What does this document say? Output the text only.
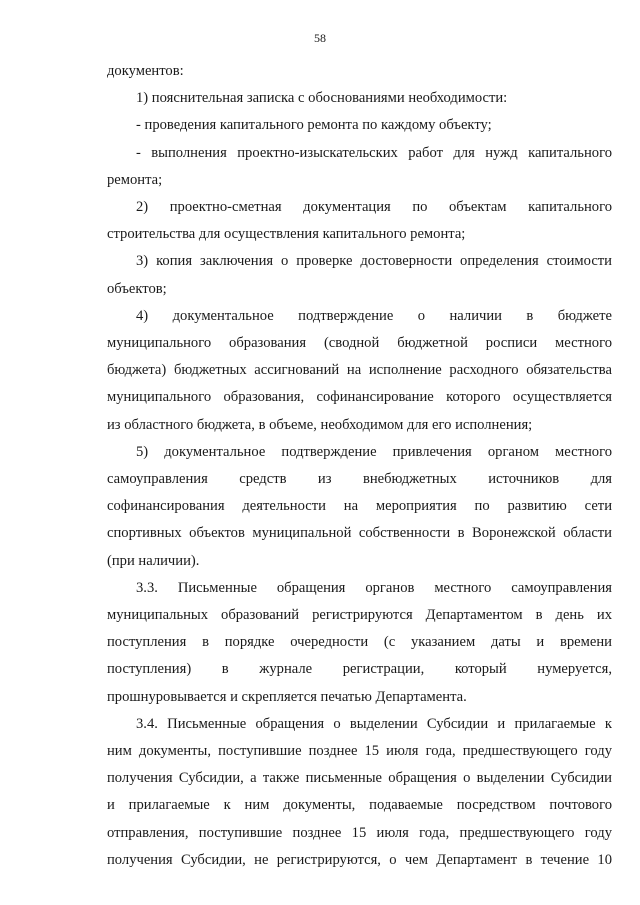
58

документов:

1) пояснительная записка с обоснованиями необходимости:

- проведения капитального ремонта по каждому объекту;

- выполнения проектно-изыскательских работ для нужд капитального
ремонта;

2) проектно-сметная документация по объектам капитального
строительства для осуществления капитального ремонта;

3) копия заключения о проверке достоверности определения стоимости
объектов;

4) документальное подтверждение о наличии в бюджете
муниципального образования (сводной бюджетной росписи местного
бюджета) бюджетных ассигнований на исполнение расходного обязательства
муниципального образования, софинансирование которого осуществляется
из областного бюджета, в объеме, необходимом для его исполнения;

5) документальное подтверждение привлечения органом местного
самоуправления средств из внебюджетных источников для
софинансирования деятельности на мероприятия по развитию сети
спортивных объектов муниципальной собственности в Воронежской области
(при наличии).

3.3. Письменные обращения органов местного самоуправления
муниципальных образований регистрируются Департаментом в день их
поступления в порядке очередности (с указанием даты и времени
поступления) в журнале регистрации, который нумеруется,
прошнуровывается и скрепляется печатью Департамента.

3.4. Письменные обращения о выделении Субсидии и прилагаемые к
ним документы, поступившие позднее 15 июля года, предшествующего году
получения Субсидии, а также письменные обращения о выделении Субсидии
и прилагаемые к ним документы, подаваемые посредством почтового
отправления, поступившие позднее 15 июля года, предшествующего году
получения Субсидии, не регистрируются, о чем Департамент в течение 10
